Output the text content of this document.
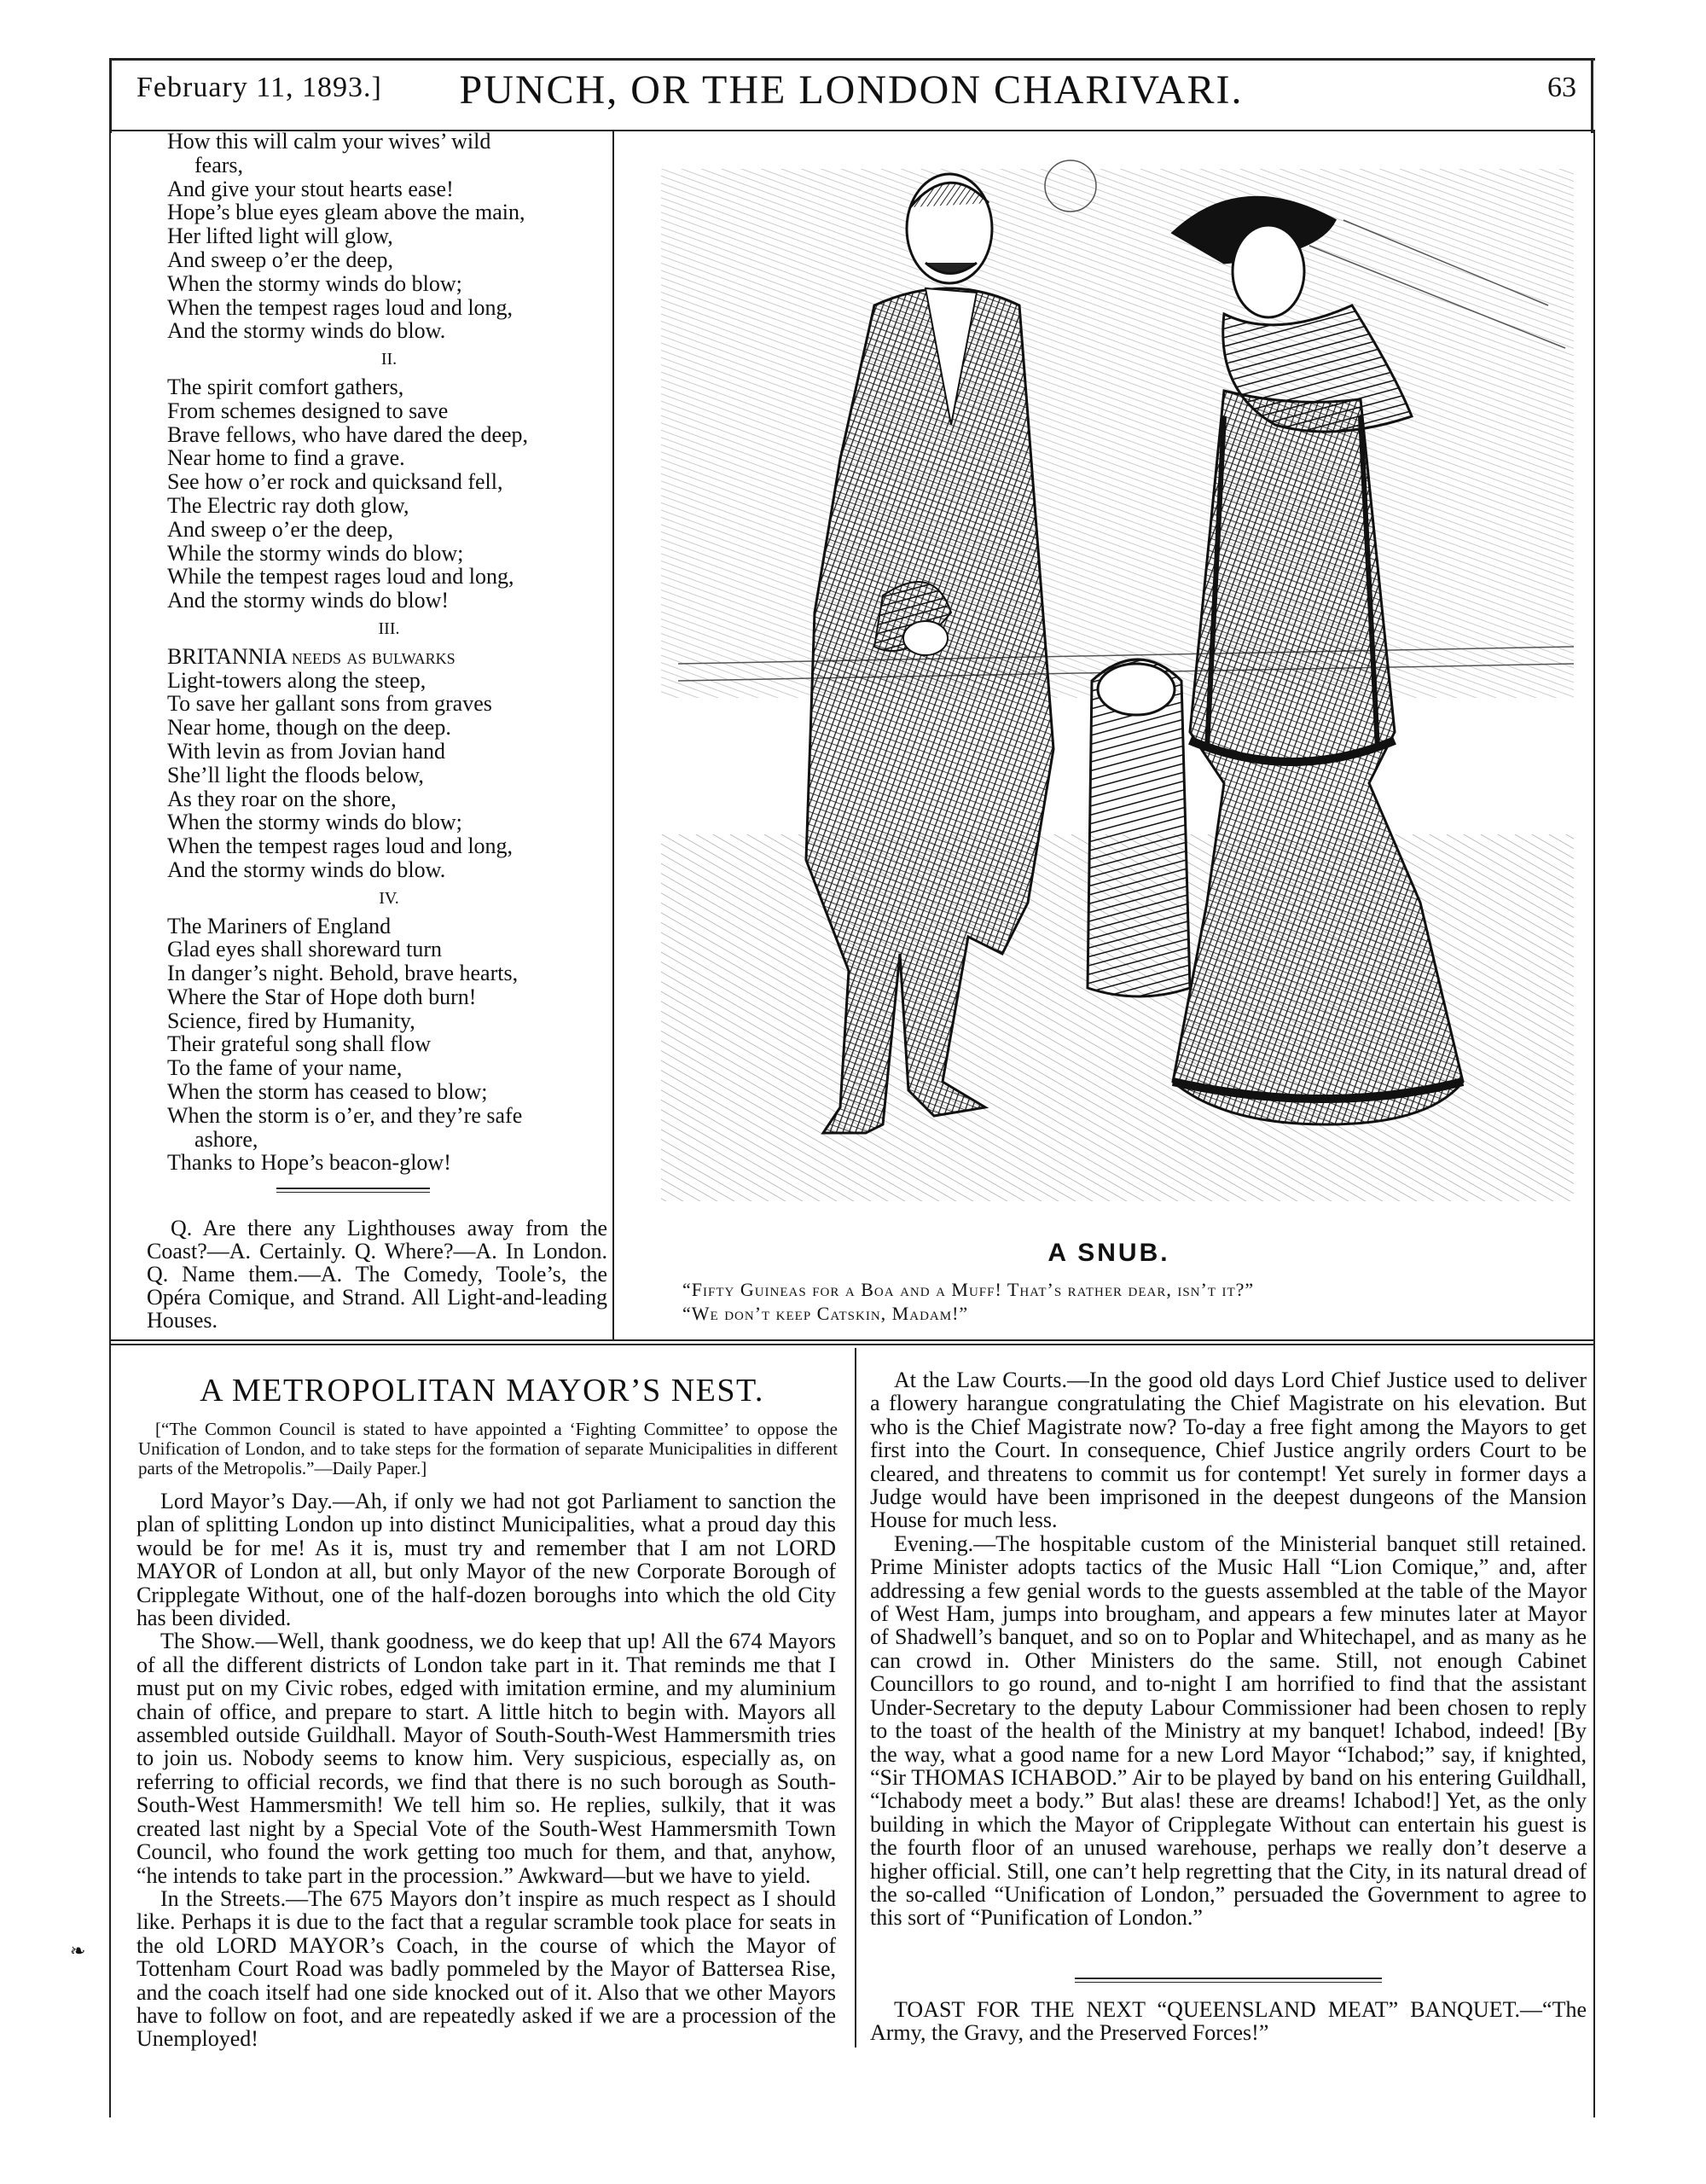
February 11, 1893.]	PUNCH, OR THE LONDON CHARIVARI.	63
How this will calm your wives’ wild
fears,
And give your stout hearts ease!
Hope’s blue eyes gleam above the main,
Her lifted light will glow,
And sweep o’er the deep,
When the stormy winds do blow;
When the tempest rages loud and long,
And the stormy winds do blow.
II.
The spirit comfort gathers,
From schemes designed to save
Brave fellows, who have dared the deep,
Near home to find a grave.
See how o’er rock and quicksand fell,
The Electric ray doth glow,
And sweep o’er the deep,
While the stormy winds do blow;
While the tempest rages loud and long,
And the stormy winds do blow!
III.
BRITANNIA needs as bulwarks
Light-towers along the steep,
To save her gallant sons from graves
Near home, though on the deep.
With levin as from Jovian hand
She’ll light the floods below,
As they roar on the shore,
When the stormy winds do blow;
When the tempest rages loud and long,
And the stormy winds do blow.
IV.
The Mariners of England
Glad eyes shall shoreward turn
In danger’s night. Behold, brave hearts,
Where the Star of Hope doth burn!
Science, fired by Humanity,
Their grateful song shall flow
To the fame of your name,
When the storm has ceased to blow;
When the storm is o’er, and they’re safe
ashore,
Thanks to Hope’s beacon-glow!
Q. Are there any Lighthouses away from the Coast?—A. Certainly. Q. Where?—A. In London. Q. Name them.—A. The Comedy, Toole’s, the Opéra Comique, and Strand. All Light-and-leading Houses.
A SNUB.
“Fifty Guineas for a Boa and a Muff! That’s rather dear, isn’t it?”
“We don’t keep Catskin, Madam!”
A METROPOLITAN MAYOR’S NEST.
[“The Common Council is stated to have appointed a ‘Fighting Committee’ to oppose the Unification of London, and to take steps for the formation of separate Municipalities in different parts of the Metropolis.”—Daily Paper.]

Lord Mayor’s Day.—Ah, if only we had not got Parliament to sanction the plan of splitting London up into distinct Municipalities, what a proud day this would be for me! As it is, must try and remember that I am not LORD MAYOR of London at all, but only Mayor of the new Corporate Borough of Cripplegate Without, one of the half-dozen boroughs into which the old City has been divided.

The Show.—Well, thank goodness, we do keep that up! All the 674 Mayors of all the different districts of London take part in it. That reminds me that I must put on my Civic robes, edged with imitation ermine, and my aluminium chain of office, and prepare to start. A little hitch to begin with. Mayors all assembled outside Guildhall. Mayor of South-South-West Hammersmith tries to join us. Nobody seems to know him. Very suspicious, especially as, on referring to official records, we find that there is no such borough as South-South-West Hammersmith! We tell him so. He replies, sulkily, that it was created last night by a Special Vote of the South-West Hammersmith Town Council, who found the work getting too much for them, and that, anyhow, “he intends to take part in the procession.” Awkward—but we have to yield.

In the Streets.—The 675 Mayors don’t inspire as much respect as I should like. Perhaps it is due to the fact that a regular scramble took place for seats in the old LORD MAYOR’s Coach, in the course of which the Mayor of Tottenham Court Road was badly pommeled by the Mayor of Battersea Rise, and the coach itself had one side knocked out of it. Also that we other Mayors have to follow on foot, and are repeatedly asked if we are a procession of the Unemployed!

At the Law Courts.—In the good old days Lord Chief Justice used to deliver a flowery harangue congratulating the Chief Magistrate on his elevation. But who is the Chief Magistrate now? To-day a free fight among the Mayors to get first into the Court. In consequence, Chief Justice angrily orders Court to be cleared, and threatens to commit us for contempt! Yet surely in former days a Judge would have been imprisoned in the deepest dungeons of the Mansion House for much less.

Evening.—The hospitable custom of the Ministerial banquet still retained. Prime Minister adopts tactics of the Music Hall “Lion Comique,” and, after addressing a few genial words to the guests assembled at the table of the Mayor of West Ham, jumps into brougham, and appears a few minutes later at Mayor of Shadwell’s banquet, and so on to Poplar and Whitechapel, and as many as he can crowd in. Other Ministers do the same. Still, not enough Cabinet Councillors to go round, and to-night I am horrified to find that the assistant Under-Secretary to the deputy Labour Commissioner had been chosen to reply to the toast of the health of the Ministry at my banquet! Ichabod, indeed! [By the way, what a good name for a new Lord Mayor “Ichabod;” say, if knighted, “Sir THOMAS ICHABOD.” Air to be played by band on his entering Guildhall, “Ichabody meet a body.” But alas! these are dreams! Ichabod!] Yet, as the only building in which the Mayor of Cripplegate Without can entertain his guest is the fourth floor of an unused warehouse, perhaps we really don’t deserve a higher official. Still, one can’t help regretting that the City, in its natural dread of the so-called “Unification of London,” persuaded the Government to agree to this sort of “Punification of London.”

TOAST FOR THE NEXT “QUEENSLAND MEAT” BANQUET.—“The Army, the Gravy, and the Preserved Forces!”
❧
